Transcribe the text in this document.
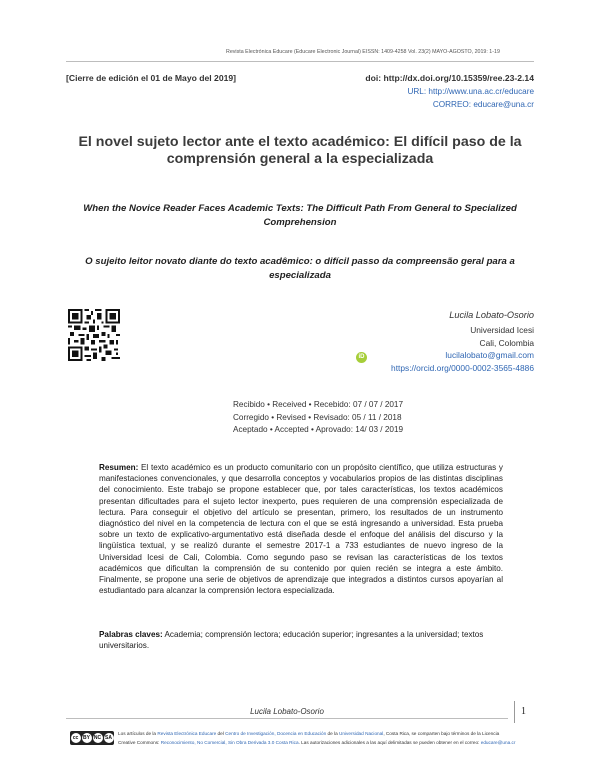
Revista Electrónica Educare (Educare Electronic Journal) EISSN: 1409-4258 Vol. 23(2) MAYO-AGOSTO, 2019: 1-19
[Cierre de edición el 01 de Mayo del 2019]	doi: http://dx.doi.org/10.15359/ree.23-2.14
URL: http://www.una.ac.cr/educare
CORREO: educare@una.cr
El novel sujeto lector ante el texto académico: El difícil paso de la comprensión general a la especializada
When the Novice Reader Faces Academic Texts: The Difficult Path From General to Specialized Comprehension
O sujeito leitor novato diante do texto acadêmico: o difícil passo da compreensão geral para a especializada
Lucila Lobato-Osorio
Universidad Icesi
Cali, Colombia
iD	lucilalobato@gmail.com
https://orcid.org/0000-0002-3565-4886
Recibido • Received • Recebido: 07 / 07 / 2017
Corregido • Revised • Revisado: 05 / 11 / 2018
Aceptado • Accepted • Aprovado: 14/ 03 / 2019
Resumen: El texto académico es un producto comunitario con un propósito científico, que utiliza estructuras y manifestaciones convencionales, y que desarrolla conceptos y vocabularios propios de las distintas disciplinas del conocimiento. Este trabajo se propone establecer que, por tales características, los textos académicos presentan dificultades para el sujeto lector inexperto, pues requieren de una comprensión especializada de lectura. Para conseguir el objetivo del artículo se presentan, primero, los resultados de un instrumento diagnóstico del nivel en la competencia de lectura con el que se está ingresando a universidad. Esta prueba sobre un texto de explicativo-argumentativo está diseñada desde el enfoque del análisis del discurso y la lingüística textual, y se realizó durante el semestre 2017-1 a 733 estudiantes de nuevo ingreso de la Universidad Icesi de Cali, Colombia. Como segundo paso se revisan las características de los textos académicos que dificultan la comprensión de su contenido por quien recién se integra a este ámbito. Finalmente, se propone una serie de objetivos de aprendizaje que integrados a distintos cursos apoyarían al estudiantado para alcanzar la comprensión lectora especializada.
Palabras claves: Academia; comprensión lectora; educación superior; ingresantes a la universidad; textos universitarios.
Lucila Lobato-Osorio	1
cc BY NC SA
Los artículos de la Revista Electrónica Educare del Centro de Investigación, Docencia en Educación de la Universidad Nacional, Costa Rica, se comparten bajo términos de la Licencia
Creative Commons: Reconocimiento, No Comercial, Sin Obra Derivada 3.0 Costa Rica. Las autorizaciones adicionales a las aquí delimitadas se pueden obtener en el correo: educare@una.cr
